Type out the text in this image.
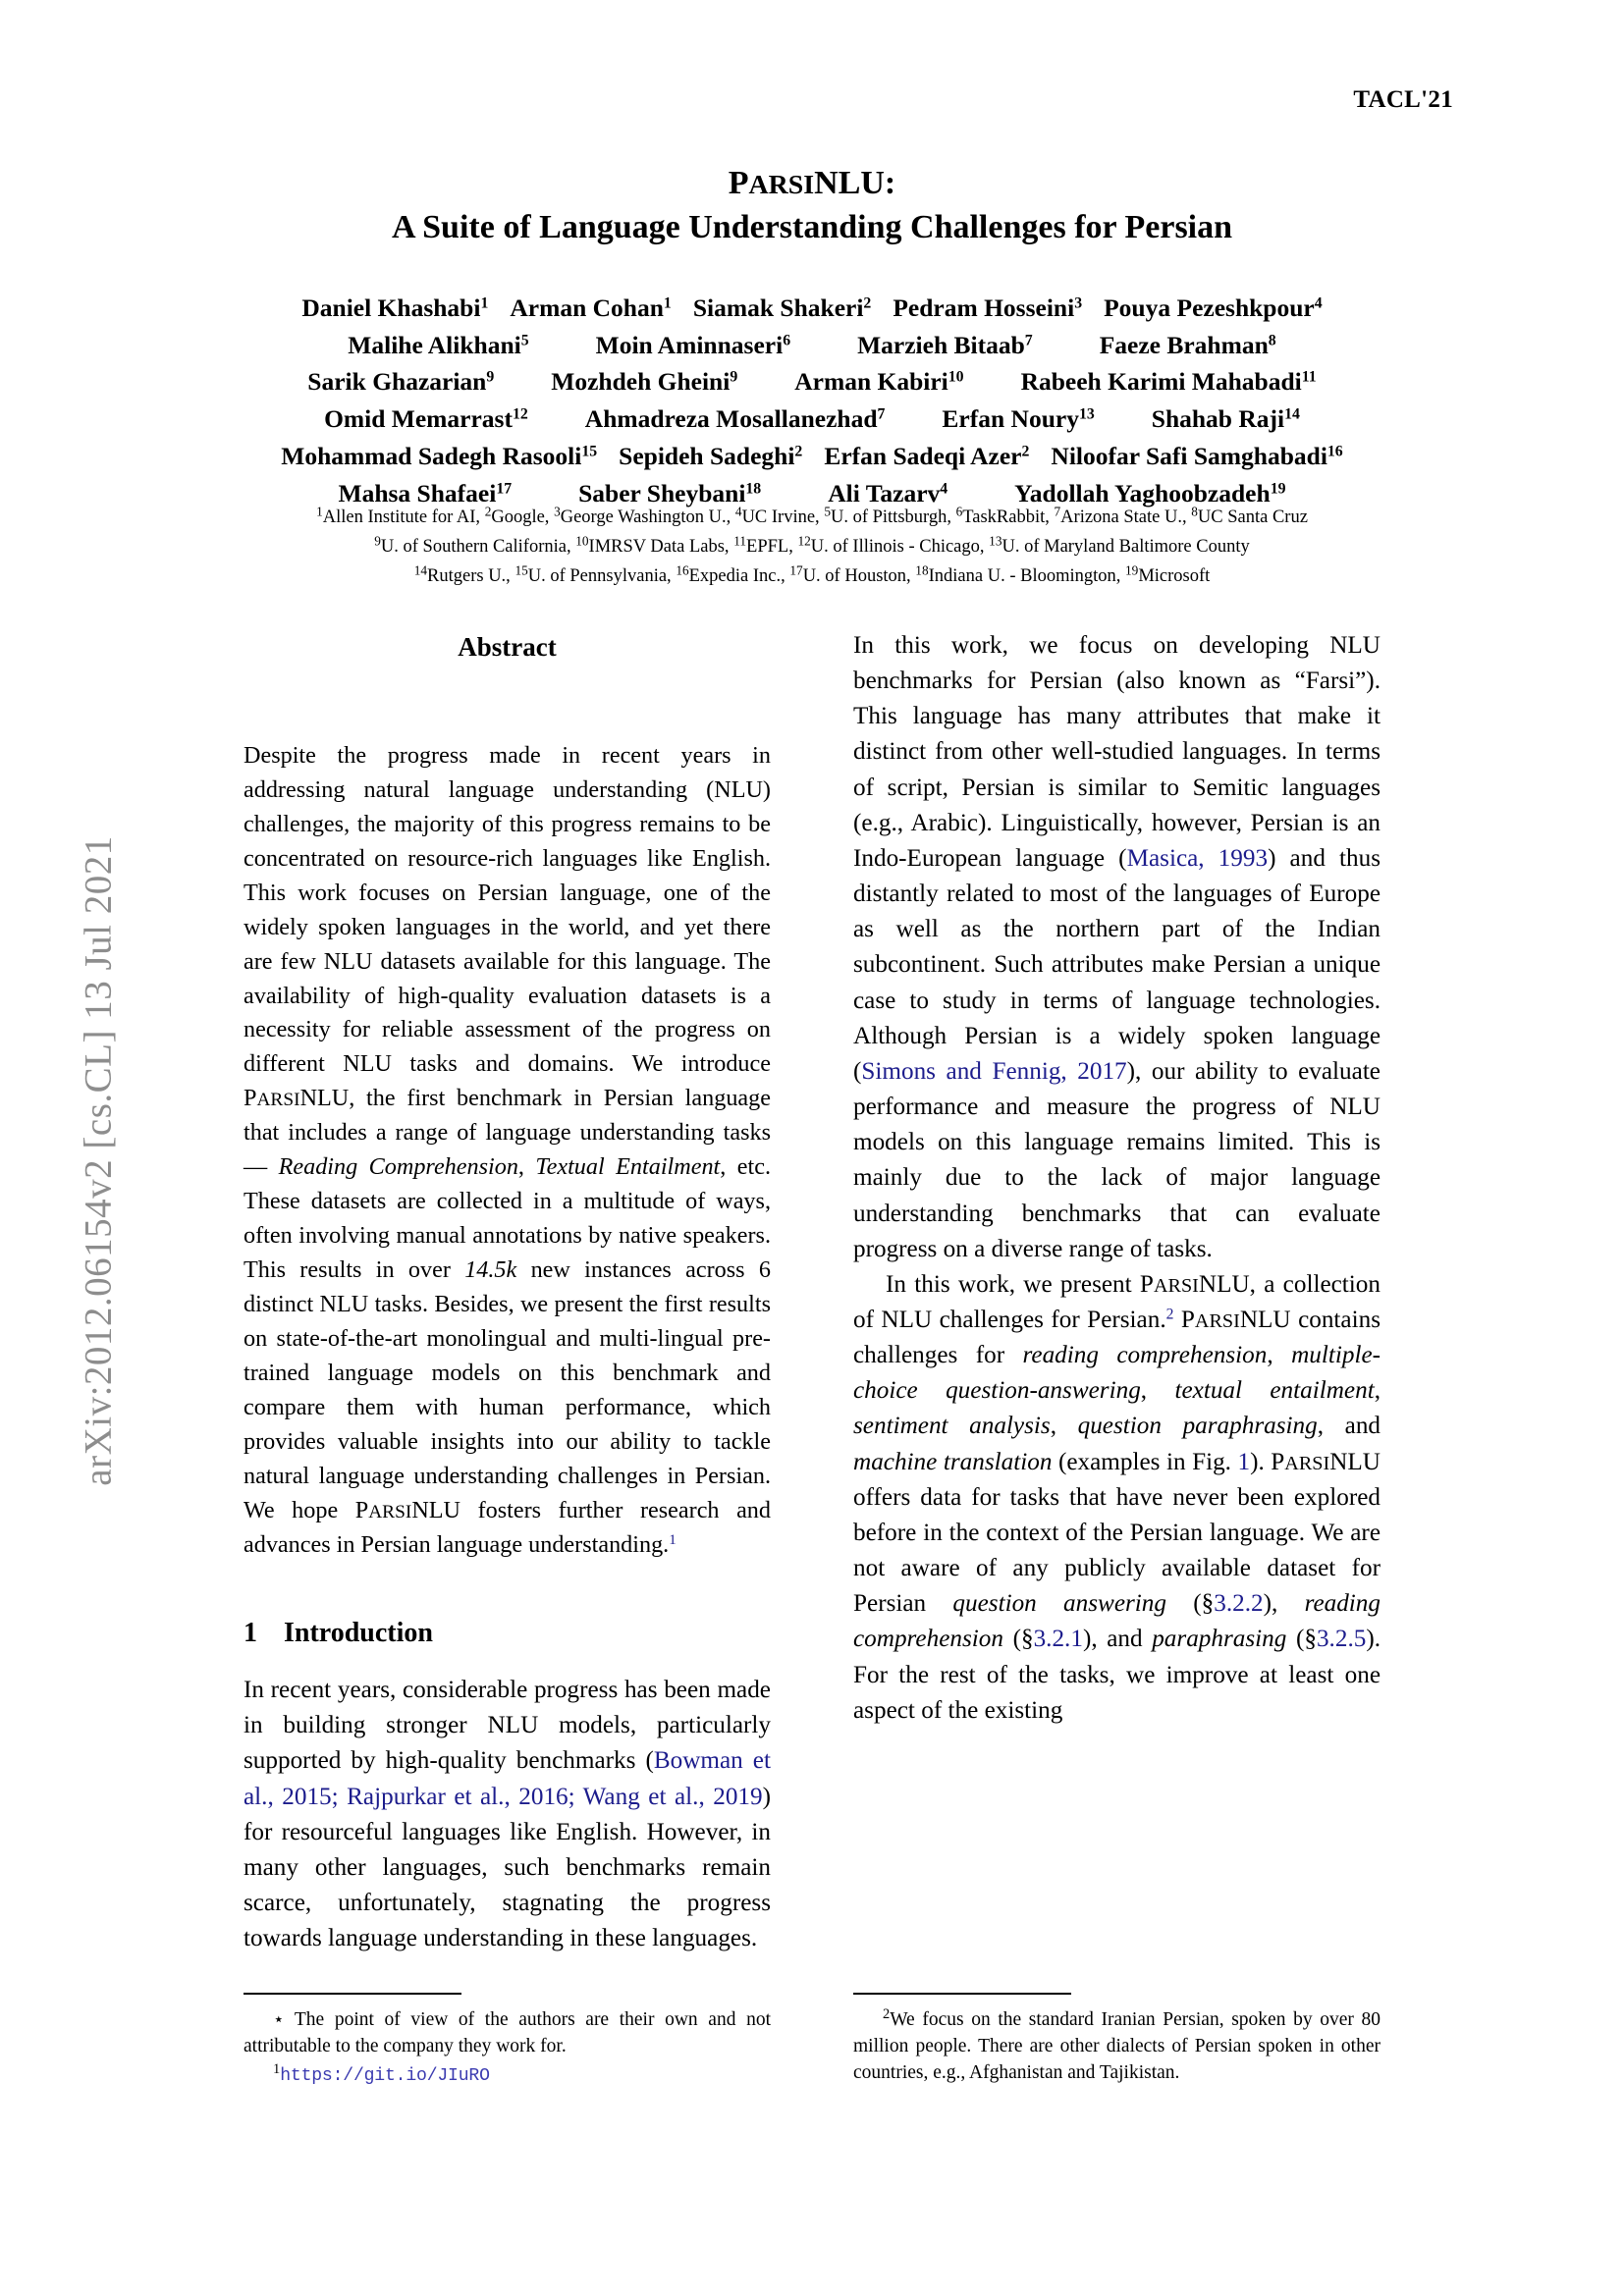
arXiv:2012.06154v2 [cs.CL] 13 Jul 2021
TACL'21
PARSINLU:
A Suite of Language Understanding Challenges for Persian
Daniel Khashabi$^1$ Arman Cohan$^1$ Siamak Shakeri$^2$ Pedram Hosseini$^3$ Pouya Pezeshkpour$^4$
Malihe Alikhani$^5$	Moin Aminnaseri$^6$	Marzieh Bitaab$^7$	Faeze Brahman$^8$
Sarik Ghazarian$^9$ Mozhdeh Gheini$^9$ Arman Kabiri$^{10}$ Rabeeh Karimi Mahabadi$^{11}$
Omid Memarrast$^{12}$ Ahmadreza Mosallanezhad$^7$ Erfan Noury$^{13}$ Shahab Raji$^{14}$
Mohammad Sadegh Rasooli$^{15}$ Sepideh Sadeghi$^2$ Erfan Sadeqi Azer$^2$ Niloofar Safi Samghabadi$^{16}$
Mahsa Shafaei$^{17}$	Saber Sheybani$^{18}$	Ali Tazarv$^4$	Yadollah Yaghoobzadeh$^{19}$
$^1$Allen Institute for AI, $^2$Google, $^3$George Washington U., $^4$UC Irvine, $^5$U. of Pittsburgh, $^6$TaskRabbit, $^7$Arizona State U., $^8$UC Santa Cruz
$^9$U. of Southern California, $^{10}$IMRSV Data Labs, $^{11}$EPFL, $^{12}$U. of Illinois - Chicago, $^{13}$U. of Maryland Baltimore County
$^{14}$Rutgers U., $^{15}$U. of Pennsylvania, $^{16}$Expedia Inc., $^{17}$U. of Houston, $^{18}$Indiana U. - Bloomington, $^{19}$Microsoft
Abstract

Despite the progress made in recent years in addressing natural language understanding (NLU) challenges, the majority of this progress remains to be concentrated on resource-rich languages like English. This work focuses on Persian language, one of the widely spoken languages in the world, and yet there are few NLU datasets available for this language. The availability of high-quality evaluation datasets is a necessity for reliable assessment of the progress on different NLU tasks and domains. We introduce PARSINLU, the first benchmark in Persian language that includes a range of language understanding tasks — Reading Comprehension, Textual Entailment, etc. These datasets are collected in a multitude of ways, often involving manual annotations by native speakers. This results in over 14.5k new instances across 6 distinct NLU tasks. Besides, we present the first results on state-of-the-art monolingual and multi-lingual pre-trained language models on this benchmark and compare them with human performance, which provides valuable insights into our ability to tackle natural language understanding challenges in Persian. We hope PARSINLU fosters further research and advances in Persian language understanding.$^1$

1 Introduction

In recent years, considerable progress has been made in building stronger NLU models, particularly supported by high-quality benchmarks (Bowman et al., 2015; Rajpurkar et al., 2016; Wang et al., 2019) for resourceful languages like English. However, in many other languages, such benchmarks remain scarce, unfortunately, stagnating the progress towards language understanding in these languages.

In this work, we focus on developing NLU benchmarks for Persian (also known as “Farsi”). This language has many attributes that make it distinct from other well-studied languages. In terms of script, Persian is similar to Semitic languages (e.g., Arabic). Linguistically, however, Persian is an Indo-European language (Masica, 1993) and thus distantly related to most of the languages of Europe as well as the northern part of the Indian subcontinent. Such attributes make Persian a unique case to study in terms of language technologies. Although Persian is a widely spoken language (Simons and Fennig, 2017), our ability to evaluate performance and measure the progress of NLU models on this language remains limited. This is mainly due to the lack of major language understanding benchmarks that can evaluate progress on a diverse range of tasks.

In this work, we present PARSINLU, a collection of NLU challenges for Persian.$^2$ PARSINLU contains challenges for reading comprehension, multiple-choice question-answering, textual entailment, sentiment analysis, question paraphrasing, and machine translation (examples in Fig. 1). PARSINLU offers data for tasks that have never been explored before in the context of the Persian language. We are not aware of any publicly available dataset for Persian question answering (§3.2.2), reading comprehension (§3.2.1), and paraphrasing (§3.2.5). For the rest of the tasks, we improve at least one aspect of the existing

⋆ The point of view of the authors are their own and not attributable to the company they work for.

$^1$https://git.io/JIuRO

$^2$We focus on the standard Iranian Persian, spoken by over 80 million people. There are other dialects of Persian spoken in other countries, e.g., Afghanistan and Tajikistan.
